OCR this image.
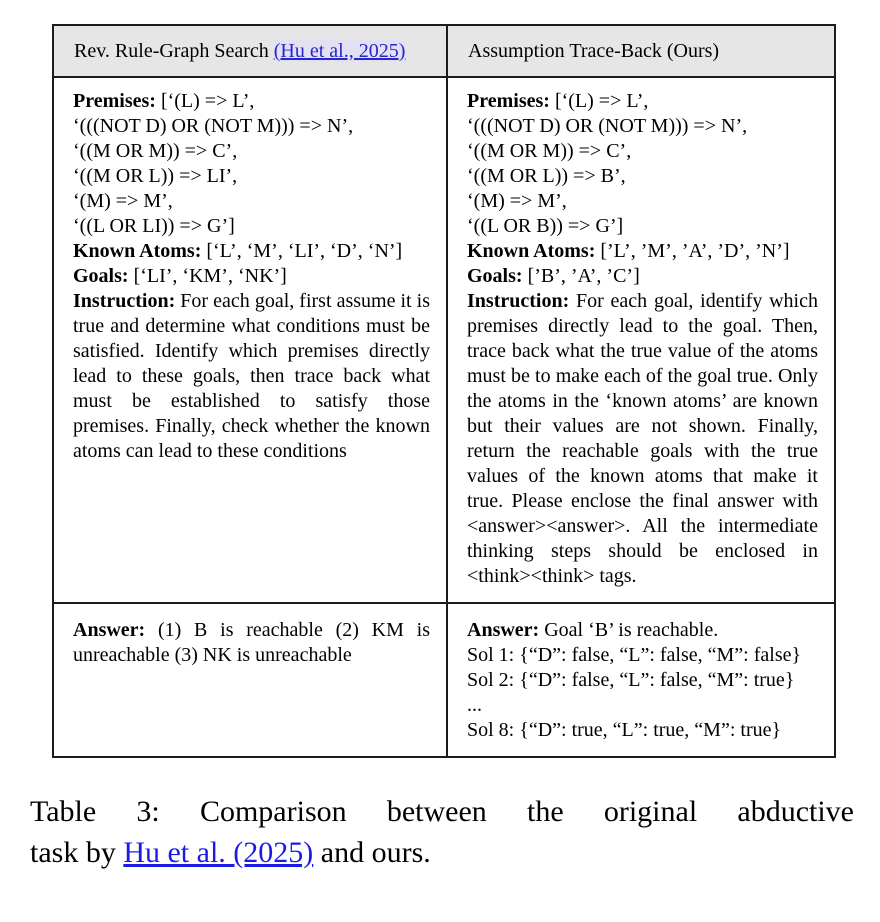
Rev. Rule-Graph Search (Hu et al., 2025)	Assumption Trace-Back (Ours)
Premises: [‘(L) => L’,
‘(((NOT D) OR (NOT M))) => N’,
‘((M OR M)) => C’,
‘((M OR L)) => LI’,
‘(M) => M’,
‘((L OR LI)) => G’]
Known Atoms: [‘L’, ‘M’, ‘LI’, ‘D’, ‘N’]
Goals: [‘LI’, ‘KM’, ‘NK’]
Instruction: For each goal, first assume it is true and determine what conditions must be satisfied. Identify which premises directly lead to these goals, then trace back what must be established to satisfy those premises. Finally, check whether the known atoms can lead to these conditions
Premises: [‘(L) => L’,
‘(((NOT D) OR (NOT M))) => N’,
‘((M OR M)) => C’,
‘((M OR L)) => B’,
‘(M) => M’,
‘((L OR B)) => G’]
Known Atoms: [’L’, ’M’, ’A’, ’D’, ’N’]
Goals: [’B’, ’A’, ’C’]
Instruction: For each goal, identify which premises directly lead to the goal. Then, trace back what the true value of the atoms must be to make each of the goal true. Only the atoms in the ‘known atoms’ are known but their values are not shown. Finally, return the reachable goals with the true values of the known atoms that make it true. Please enclose the final answer with <answer><answer>. All the intermediate thinking steps should be enclosed in <think><think> tags.
Answer: (1) B is reachable (2) KM is unreachable (3) NK is unreachable
Answer: Goal ‘B’ is reachable.
Sol 1: {“D”: false, “L”: false, “M”: false}
Sol 2: {“D”: false, “L”: false, “M”: true}
...
Sol 8: {“D”: true, “L”: true, “M”: true}
Table 3: Comparison between the original abductive
task by Hu et al. (2025) and ours.
